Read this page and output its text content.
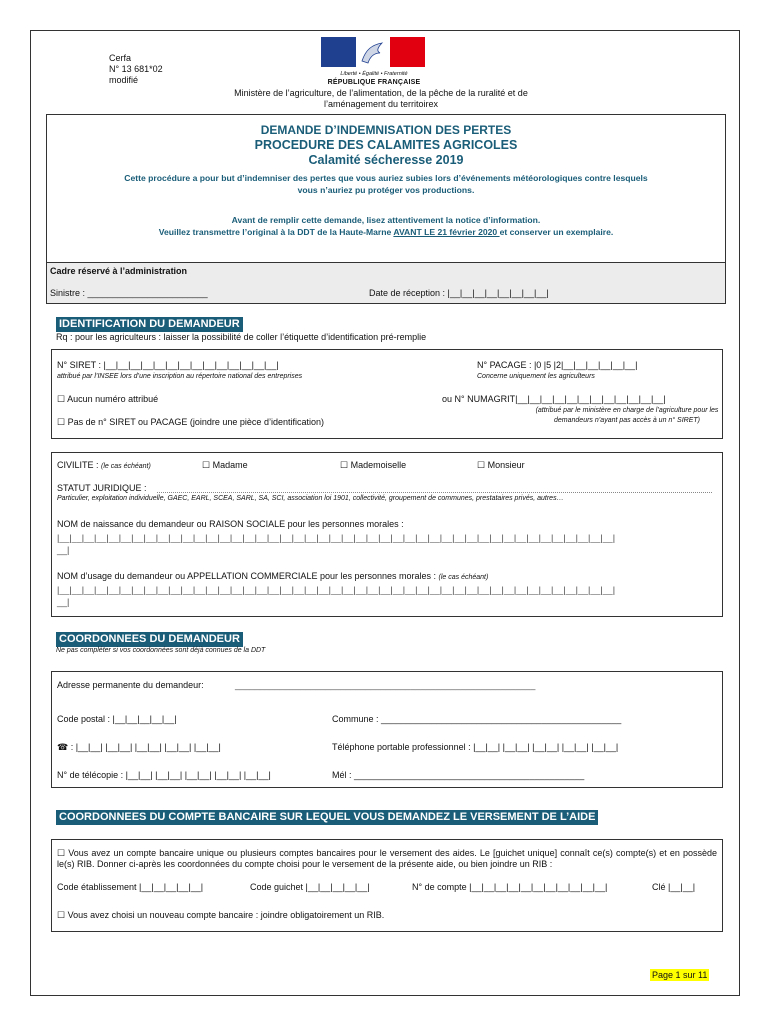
Cerfa
N° 13 681*02
modifié
Liberté • Égalité • Fraternité
RÉPUBLIQUE FRANÇAISE
Ministère de l’agriculture, de l’alimentation, de la pêche de la ruralité et de
l’aménagement du territoirex
DEMANDE D’INDEMNISATION DES PERTES
PROCEDURE DES CALAMITES AGRICOLES
Calamité sécheresse 2019
Cette procédure a pour but d’indemniser des pertes que vous auriez subies lors d’événements météorologiques contre lesquels
vous n’auriez pu protéger vos productions.
Avant de remplir cette demande, lisez attentivement la notice d’information.
Veuillez transmettre l’original à la DDT de la Haute-Marne AVANT LE 21 février 2020 et conserver un exemplaire.
Cadre réservé à l’administration
Sinistre : ________________________	Date de réception : |__|__|__|__|__|__|__|__|
IDENTIFICATION DU DEMANDEUR
Rq : pour les agriculteurs : laisser la possibilité de coller l’étiquette d’identification pré-remplie
N° SIRET : |__|__|__|__|__|__|__|__|__|__|__|__|__|__|
attribué par l’INSEE lors d’une inscription au répertoire national des entreprises
N° PACAGE : |0 |5 |2|__|__|__|__|__|__|
Concerne uniquement les agriculteurs
☐ Aucun numéro attribué	ou N° NUMAGRIT|__|__|__|__|__|__|__|__|__|__|__|__|
(attribué par le ministère en charge de l’agriculture pour les
demandeurs n’ayant pas accès à un n° SIRET)
☐ Pas de n° SIRET ou PACAGE (joindre une pièce d’identification)
CIVILITE : (le cas échéant)	☐ Madame	☐ Mademoiselle	☐ Monsieur
STATUT JURIDIQUE :
Particulier, exploitation individuelle, GAEC, EARL, SCEA, SARL, SA, SCI, association loi 1901, collectivité, groupement de communes, prestataires privés, autres…
NOM de naissance du demandeur ou RAISON SOCIALE pour les personnes morales :
|__|__|__|__|__|__|__|__|__|__|__|__|__|__|__|__|__|__|__|__|__|__|__|__|__|__|__|__|__|__|__|__|__|__|__|__|__|__|__|__|__|__|__|__|__|
__|
NOM d’usage du demandeur ou APPELLATION COMMERCIALE pour les personnes morales : (le cas échéant)
|__|__|__|__|__|__|__|__|__|__|__|__|__|__|__|__|__|__|__|__|__|__|__|__|__|__|__|__|__|__|__|__|__|__|__|__|__|__|__|__|__|__|__|__|__|
__|
COORDONNEES DU DEMANDEUR
Ne pas compléter si vos coordonnées sont déjà connues de la DDT
Adresse permanente du demandeur:	____________________________________________________________
Code postal : |__|__|__|__|__|	Commune : ________________________________________________
☎ : |__|__| |__|__| |__|__| |__|__| |__|__|	Téléphone portable professionnel : |__|__| |__|__| |__|__| |__|__| |__|__|
N° de télécopie : |__|__| |__|__| |__|__| |__|__| |__|__|	Mél : ______________________________________________
COORDONNEES DU COMPTE BANCAIRE SUR LEQUEL VOUS DEMANDEZ LE VERSEMENT DE L’AIDE
☐ Vous avez un compte bancaire unique ou plusieurs comptes bancaires pour le versement des aides. Le [guichet unique] connaît ce(s) compte(s) et en possède le(s) RIB. Donner ci-après les coordonnées du compte choisi pour le versement de la présente aide, ou bien joindre un RIB :
Code établissement |__|__|__|__|__|	Code guichet |__|__|__|__|__|	N° de compte |__|__|__|__|__|__|__|__|__|__|__|	Clé |__|__|
☐ Vous avez choisi un nouveau compte bancaire : joindre obligatoirement un RIB.
Page 1 sur 11
